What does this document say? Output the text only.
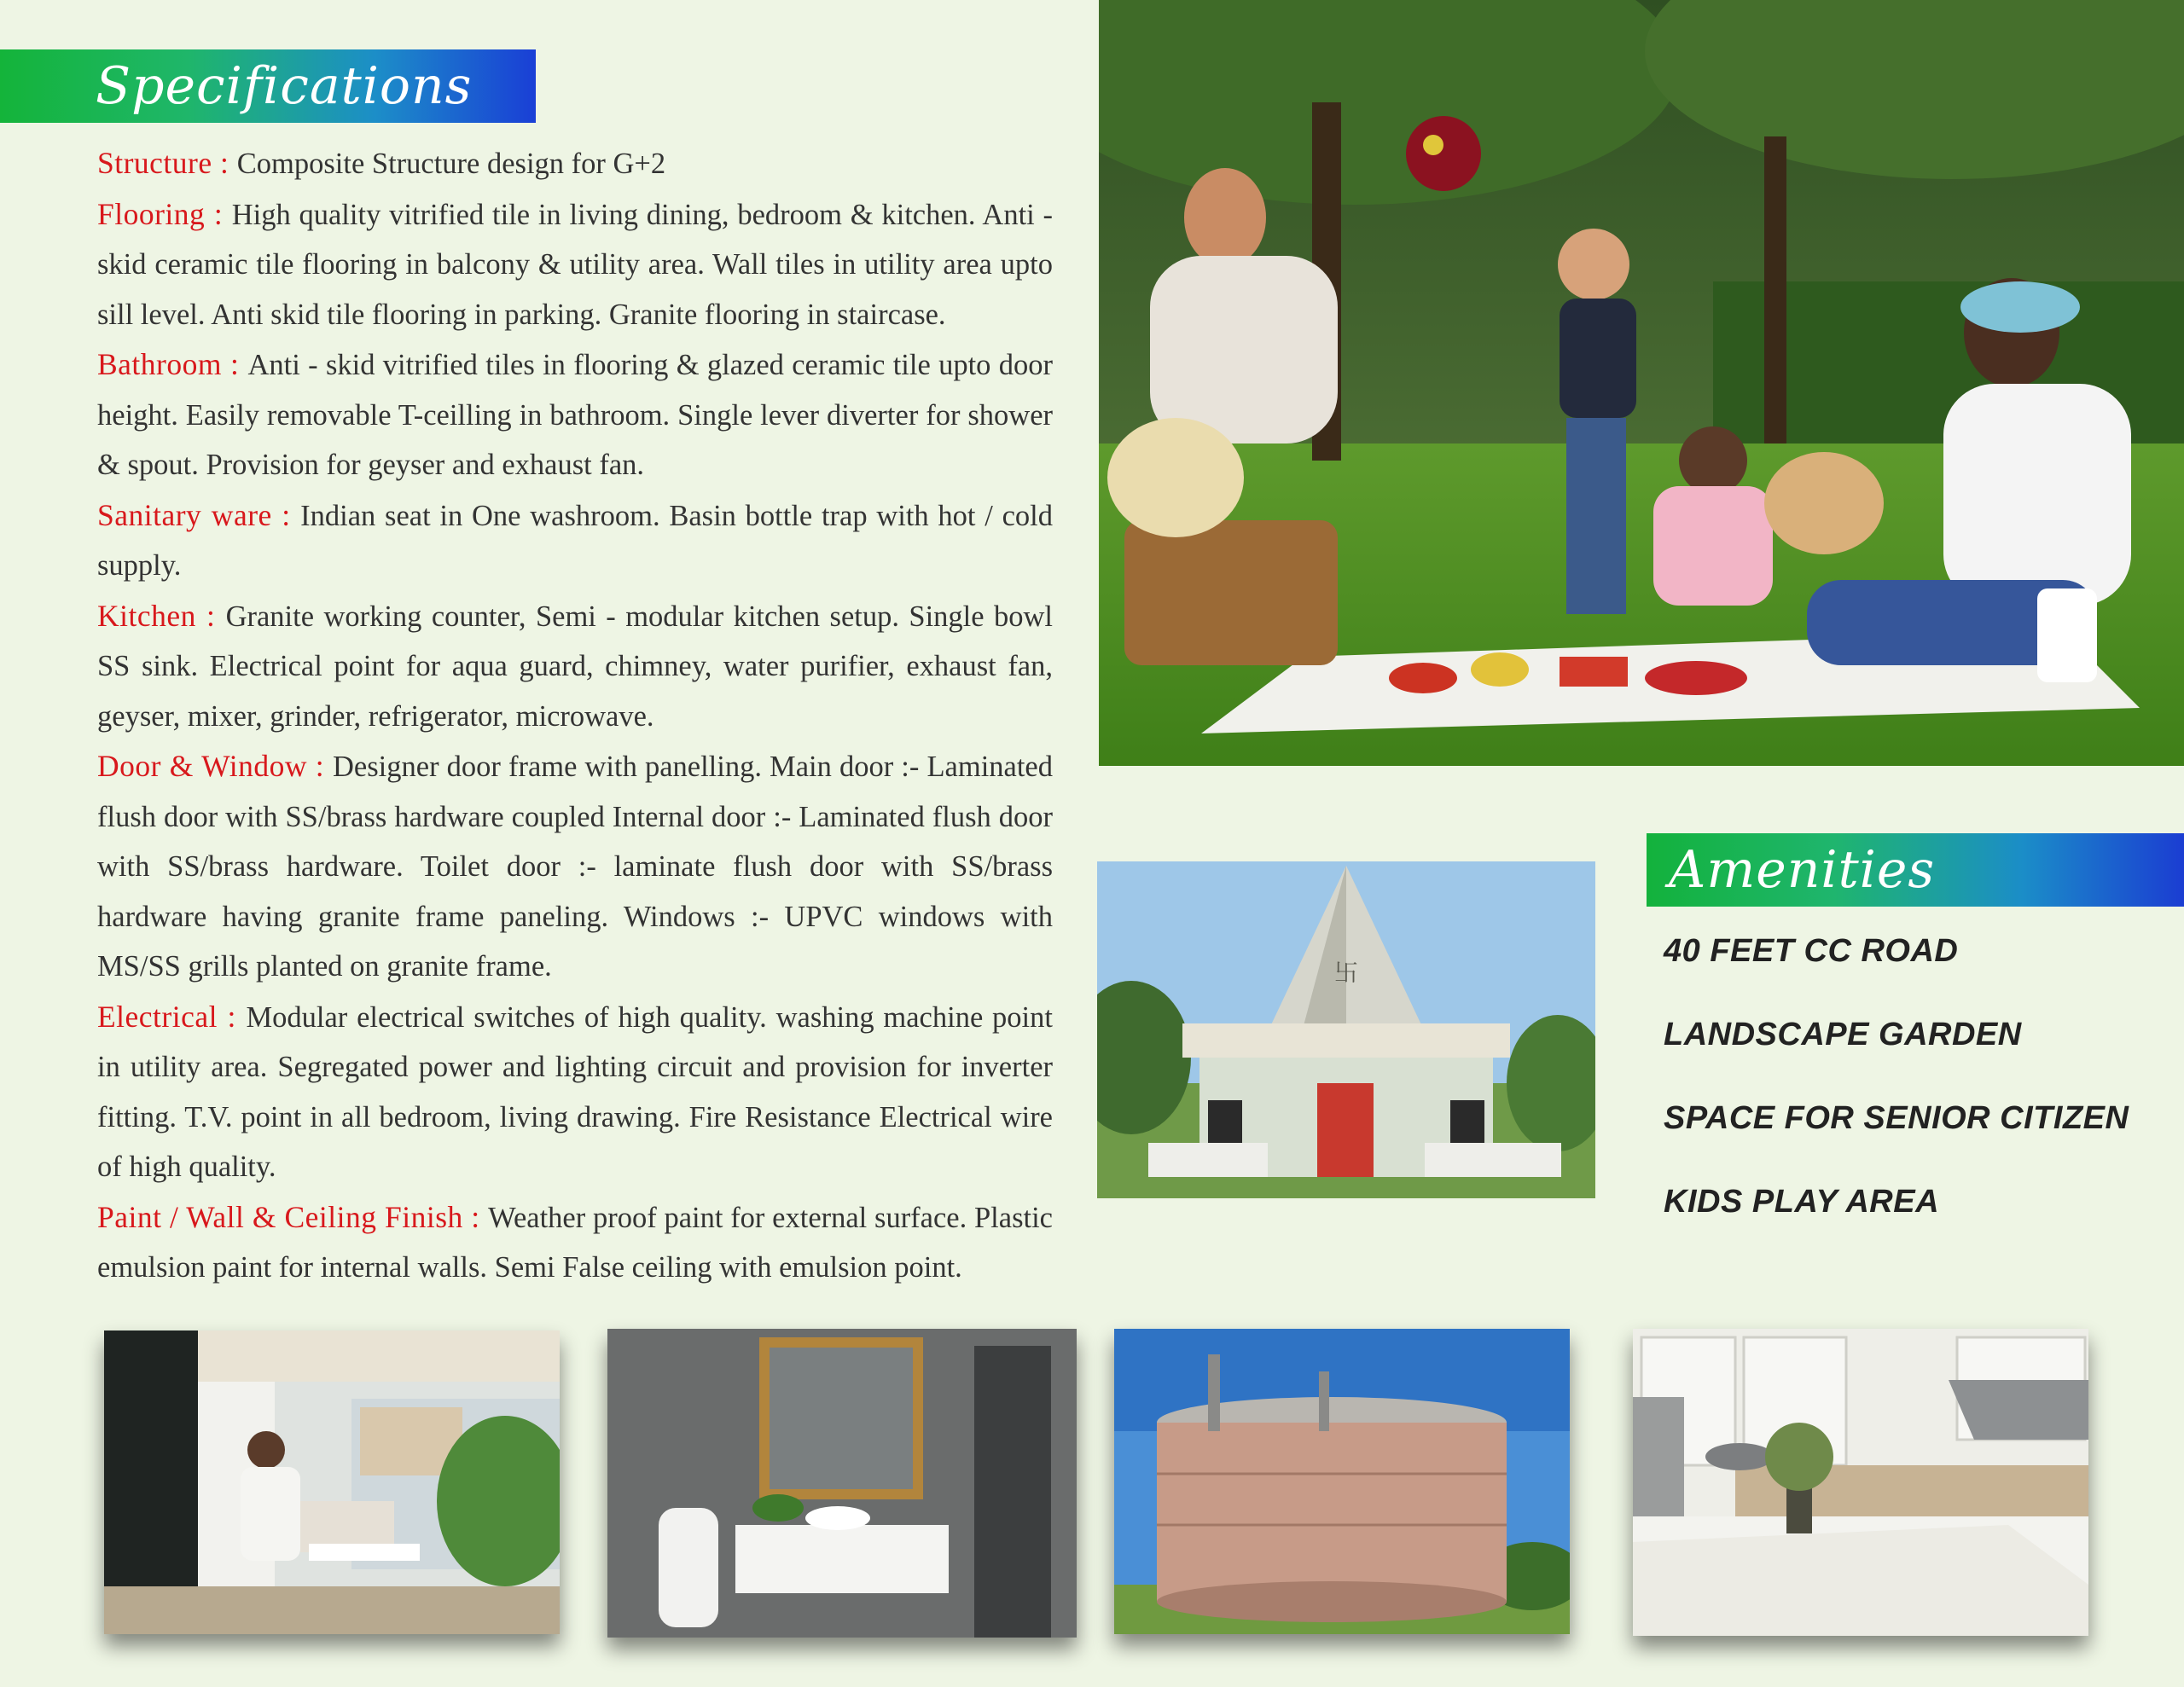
Specifications

Structure : Composite Structure design for G+2

Flooring : High quality vitrified tile in living dining, bedroom & kitchen. Anti - skid ceramic tile flooring in balcony & utility area. Wall tiles in utility area upto sill level. Anti skid tile flooring in parking. Granite flooring in staircase.

Bathroom : Anti - skid vitrified tiles in flooring & glazed ceramic tile upto door height. Easily removable T-ceilling in bathroom. Single lever diverter for shower & spout. Provision for geyser and exhaust fan.

Sanitary ware : Indian seat in One washroom. Basin bottle trap with hot / cold supply.

Kitchen : Granite working counter, Semi - modular kitchen setup. Single bowl SS sink. Electrical point for aqua guard, chimney, water purifier, exhaust fan, geyser, mixer, grinder, refrigerator, microwave.

Door & Window : Designer door frame with panelling. Main door :- Laminated flush door with SS/brass hardware coupled Internal door :- Laminated flush door with SS/brass hardware. Toilet door :- laminate flush door with SS/brass hardware having granite frame paneling. Windows :- UPVC windows with MS/SS grills planted on granite frame.

Electrical : Modular electrical switches of high quality. washing machine point in utility area. Segregated power and lighting circuit and provision for inverter fitting. T.V. point in all bedroom, living drawing. Fire Resistance Electrical wire of high quality.

Paint / Wall & Ceiling Finish : Weather proof paint for external surface. Plastic emulsion paint for internal walls. Semi False ceiling with emulsion point.

卐
Amenities
40 FEET CC ROAD
LANDSCAPE GARDEN
SPACE FOR SENIOR CITIZEN
KIDS PLAY AREA
